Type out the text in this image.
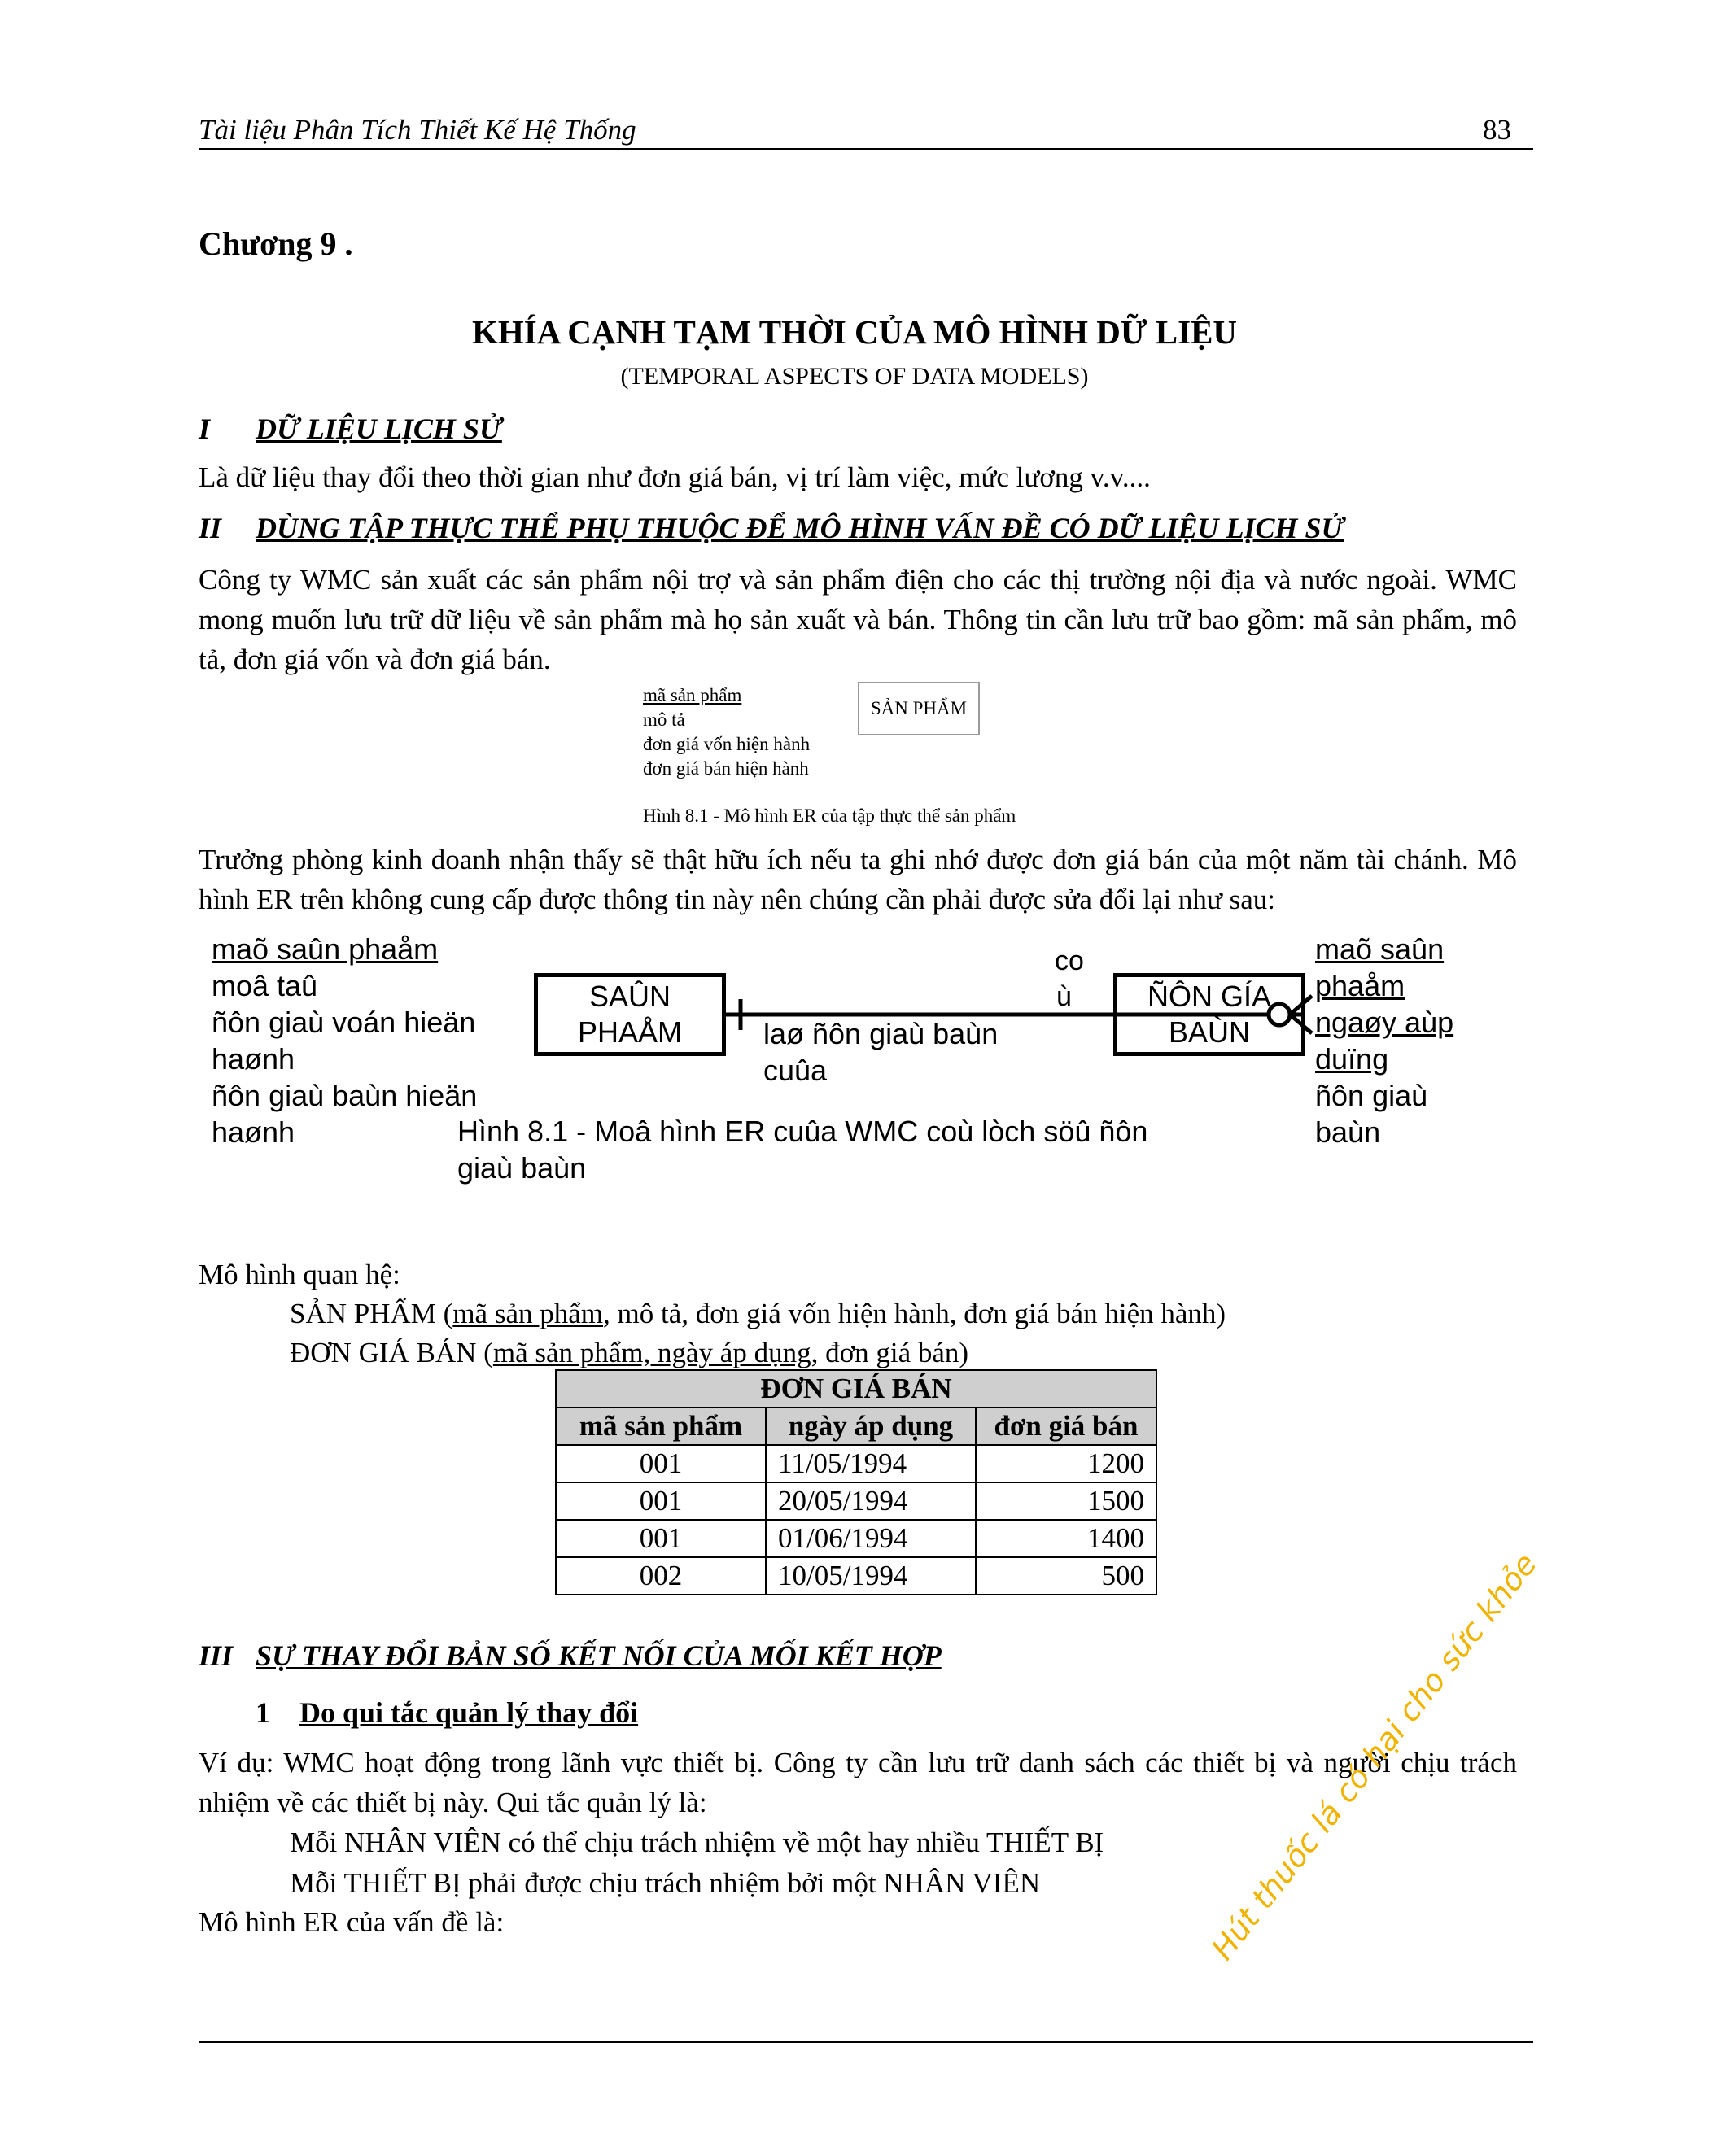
Tài liệu Phân Tích Thiết Kế Hệ Thống	83
Chương 9 .
KHÍA CẠNH TẠM THỜI CỦA MÔ HÌNH DỮ LIỆU
(TEMPORAL ASPECTS OF DATA MODELS)
I DỮ LIỆU LỊCH SỬ
Là dữ liệu thay đổi theo thời gian như đơn giá bán, vị trí làm việc, mức lương v.v....
II DÙNG TẬP THỰC THỂ PHỤ THUỘC ĐỂ MÔ HÌNH VẤN ĐỀ CÓ DỮ LIỆU LỊCH SỬ
Công ty WMC sản xuất các sản phẩm nội trợ và sản phẩm điện cho các thị trường nội địa và nước ngoài. WMC mong muốn lưu trữ dữ liệu về sản phẩm mà họ sản xuất và bán. Thông tin cần lưu trữ bao gồm: mã sản phẩm, mô tả, đơn giá vốn và đơn giá bán.
mã sản phẩm
mô tả
đơn giá vốn hiện hành
đơn giá bán hiện hành
SẢN PHẨM
Hình 8.1 - Mô hình ER của tập thực thể sản phẩm
Trưởng phòng kinh doanh nhận thấy sẽ thật hữu ích nếu ta ghi nhớ được đơn giá bán của một năm tài chánh. Mô hình ER trên không cung cấp được thông tin này nên chúng cần phải được sửa đổi lại như sau:
maõ saûn phaåm
moâ taû
ñôn giaù voán hieän
haønh
ñôn giaù baùn hieän
haønh
SAÛN
PHAÅM	laø ñôn giaù baùn
cuûa
co
ù	ÑÔN GÍA
BAÙN
maõ saûn
phaåm
ngaøy aùp
duïng
ñôn giaù
baùn
Hình 8.1 - Moâ hình ER cuûa WMC coù lòch söû ñôn
giaù baùn
Mô hình quan hệ:
SẢN PHẨM (mã sản phẩm, mô tả, đơn giá vốn hiện hành, đơn giá bán hiện hành)
ĐƠN GIÁ BÁN (mã sản phẩm, ngày áp dụng, đơn giá bán)
ĐƠN GIÁ BÁN		
mã sản phẩm	ngày áp dụng	đơn giá bán
001	11/05/1994	1200
001	20/05/1994	1500
001	01/06/1994	1400
002	10/05/1994	500
III SỰ THAY ĐỔI BẢN SỐ KẾT NỐI CỦA MỐI KẾT HỢP
1 Do qui tắc quản lý thay đổi
Ví dụ: WMC hoạt động trong lãnh vực thiết bị. Công ty cần lưu trữ danh sách các thiết bị và người chịu trách nhiệm về các thiết bị này. Qui tắc quản lý là:
Mỗi NHÂN VIÊN có thể chịu trách nhiệm về một hay nhiều THIẾT BỊ
Mỗi THIẾT BỊ phải được chịu trách nhiệm bởi một NHÂN VIÊN
Mô hình ER của vấn đề là:	Hút thuốc lá có hại cho sức khỏe
